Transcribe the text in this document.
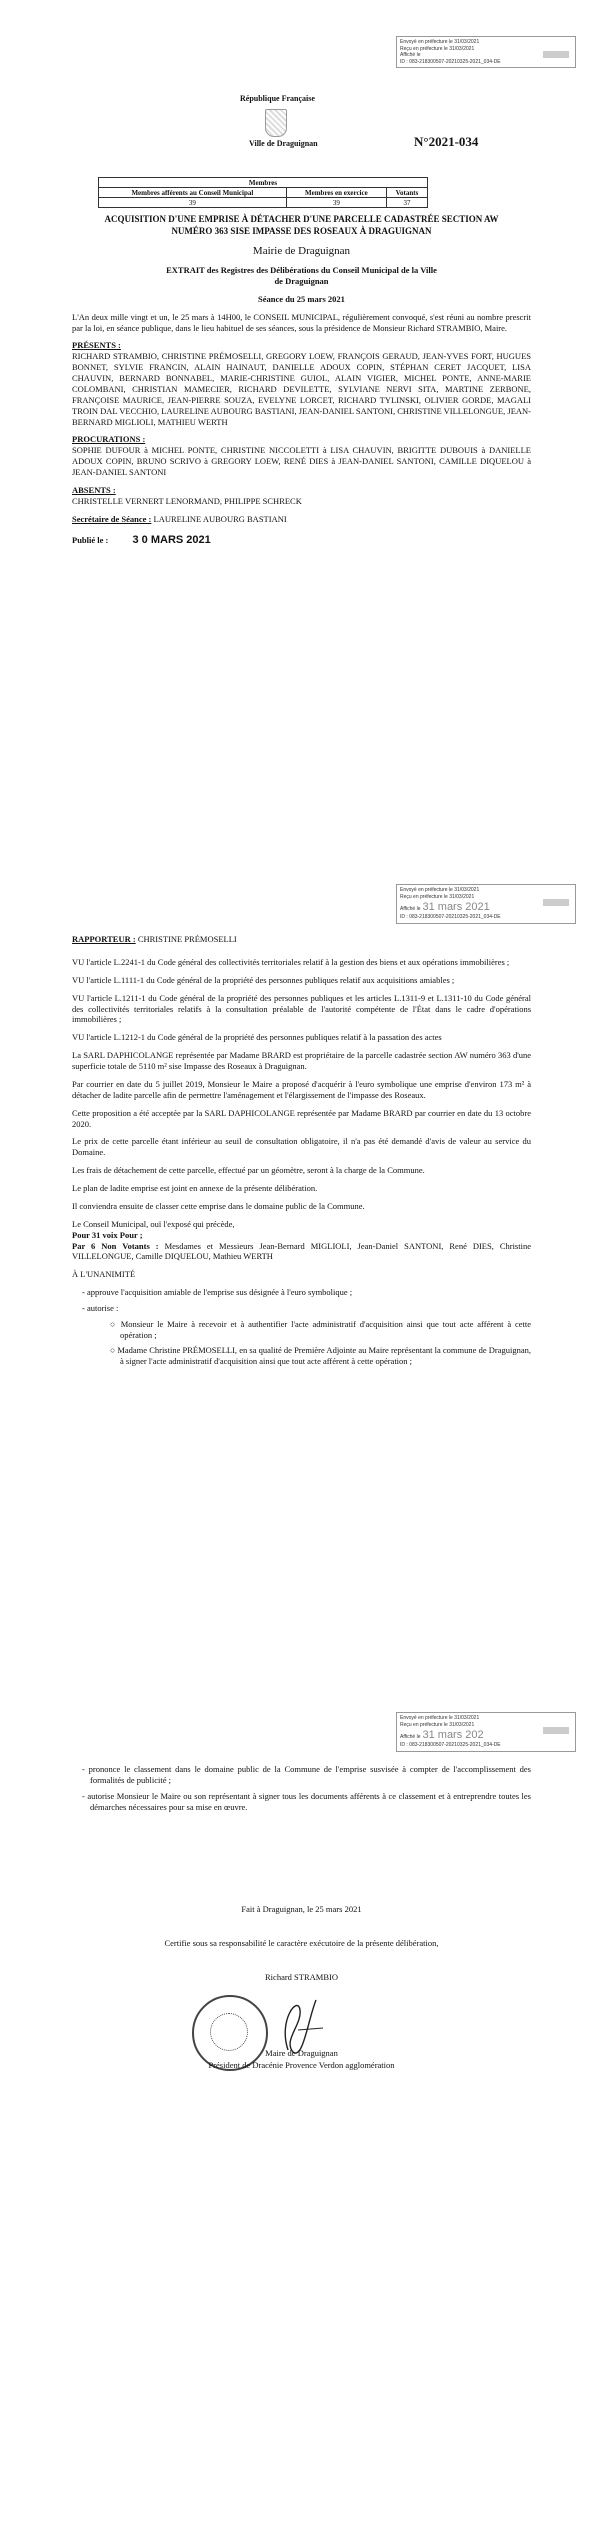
Envoyé en préfecture le 31/03/2021
Reçu en préfecture le 31/03/2021
Affiché le
ID : 083-218300507-20210325-2021_034-DE
République Française
Ville de Draguignan	N°2021-034
Membres		
Membres afférents au Conseil Municipal	Membres en exercice	Votants
39	39	37
ACQUISITION D'UNE EMPRISE À DÉTACHER D'UNE PARCELLE CADASTRÉE SECTION AW NUMÉRO 363 SISE IMPASSE DES ROSEAUX À DRAGUIGNAN
Mairie de Draguignan
EXTRAIT des Registres des Délibérations du Conseil Municipal de la Ville de Draguignan
Séance du 25 mars 2021
L'An deux mille vingt et un, le 25 mars à 14H00, le CONSEIL MUNICIPAL, régulièrement convoqué, s'est réuni au nombre prescrit par la loi, en séance publique, dans le lieu habituel de ses séances, sous la présidence de Monsieur Richard STRAMBIO, Maire.
PRÉSENTS :
RICHARD STRAMBIO, CHRISTINE PRÉMOSELLI, GREGORY LOEW, FRANÇOIS GERAUD, JEAN-YVES FORT, HUGUES BONNET, SYLVIE FRANCIN, ALAIN HAINAUT, DANIELLE ADOUX COPIN, STÉPHAN CERET JACQUET, LISA CHAUVIN, BERNARD BONNABEL, MARIE-CHRISTINE GUIOL, ALAIN VIGIER, MICHEL PONTE, ANNE-MARIE COLOMBANI, CHRISTIAN MAMECIER, RICHARD DEVILETTE, SYLVIANE NERVI SITA, MARTINE ZERBONE, FRANÇOISE MAURICE, JEAN-PIERRE SOUZA, EVELYNE LORCET, RICHARD TYLINSKI, OLIVIER GORDE, MAGALI TROIN DAL VECCHIO, LAURELINE AUBOURG BASTIANI, JEAN-DANIEL SANTONI, CHRISTINE VILLELONGUE, JEAN-BERNARD MIGLIOLI, MATHIEU WERTH
PROCURATIONS :
SOPHIE DUFOUR à MICHEL PONTE, CHRISTINE NICCOLETTI à LISA CHAUVIN, BRIGITTE DUBOUIS à DANIELLE ADOUX COPIN, BRUNO SCRIVO à GREGORY LOEW, RENÉ DIES à JEAN-DANIEL SANTONI, CAMILLE DIQUELOU à JEAN-DANIEL SANTONI
ABSENTS :
CHRISTELLE VERNERT LENORMAND, PHILIPPE SCHRECK
Secrétaire de Séance : LAURELINE AUBOURG BASTIANI
Publié le : 3 0 MARS 2021
Envoyé en préfecture le 31/03/2021
Reçu en préfecture le 31/03/2021
Affiché le 31 mars 2021
ID : 083-218300507-20210325-2021_034-DE
RAPPORTEUR : CHRISTINE PRÉMOSELLI
VU l'article L.2241-1 du Code général des collectivités territoriales relatif à la gestion des biens et aux opérations immobilières ;
VU l'article L.1111-1 du Code général de la propriété des personnes publiques relatif aux acquisitions amiables ;
VU l'article L.1211-1 du Code général de la propriété des personnes publiques et les articles L.1311-9 et L.1311-10 du Code général des collectivités territoriales relatifs à la consultation préalable de l'autorité compétente de l'État dans le cadre d'opérations immobilières ;
VU l'article L.1212-1 du Code général de la propriété des personnes publiques relatif à la passation des actes
La SARL DAPHICOLANGE représentée par Madame BRARD est propriétaire de la parcelle cadastrée section AW numéro 363 d'une superficie totale de 5110 m² sise Impasse des Roseaux à Draguignan.
Par courrier en date du 5 juillet 2019, Monsieur le Maire a proposé d'acquérir à l'euro symbolique une emprise d'environ 173 m² à détacher de ladite parcelle afin de permettre l'aménagement et l'élargissement de l'impasse des Roseaux.
Cette proposition a été acceptée par la SARL DAPHICOLANGE représentée par Madame BRARD par courrier en date du 13 octobre 2020.
Le prix de cette parcelle étant inférieur au seuil de consultation obligatoire, il n'a pas été demandé d'avis de valeur au service du Domaine.
Les frais de détachement de cette parcelle, effectué par un géomètre, seront à la charge de la Commune.
Le plan de ladite emprise est joint en annexe de la présente délibération.
Il conviendra ensuite de classer cette emprise dans le domaine public de la Commune.
Le Conseil Municipal, ouï l'exposé qui précède,
Pour 31 voix Pour ;
Par 6 Non Votants : Mesdames et Messieurs Jean-Bernard MIGLIOLI, Jean-Daniel SANTONI, René DIES, Christine VILLELONGUE, Camille DIQUELOU, Mathieu WERTH
À L'UNANIMITÉ
- approuve l'acquisition amiable de l'emprise sus désignée à l'euro symbolique ;
- autorise :
○ Monsieur le Maire à recevoir et à authentifier l'acte administratif d'acquisition ainsi que tout acte afférent à cette opération ;
○ Madame Christine PRÉMOSELLI, en sa qualité de Première Adjointe au Maire représentant la commune de Draguignan, à signer l'acte administratif d'acquisition ainsi que tout acte afférent à cette opération ;
Envoyé en préfecture le 31/03/2021
Reçu en préfecture le 31/03/2021
Affiché le 31 mars 202
ID : 083-218300507-20210325-2021_034-DE
- prononce le classement dans le domaine public de la Commune de l'emprise susvisée à compter de l'accomplissement des formalités de publicité ;
- autorise Monsieur le Maire ou son représentant à signer tous les documents afférents à ce classement et à entreprendre toutes les démarches nécessaires pour sa mise en œuvre.
Fait à Draguignan, le 25 mars 2021
Certifie sous sa responsabilité le caractère exécutoire de la présente délibération,
Richard STRAMBIO
Maire de Draguignan
Président de Dracénie Provence Verdon agglomération
